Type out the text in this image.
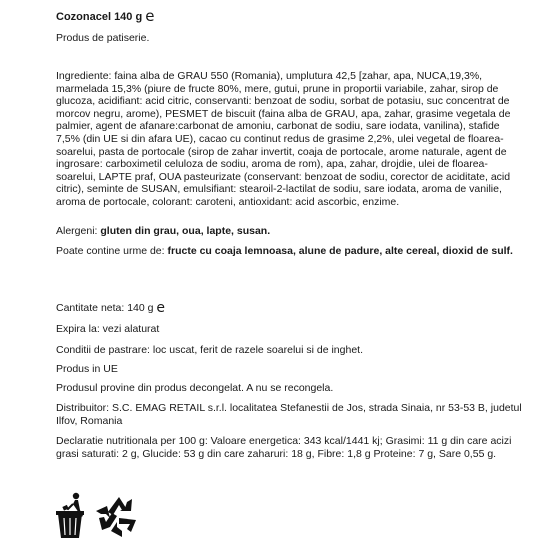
Cozonacel 140 g e

Produs de patiserie.

Ingrediente: faina alba de GRAU 550 (Romania), umplutura 42,5 [zahar, apa, NUCA,19,3%, marmelada 15,3% (piure de fructe 80%, mere, gutui, prune in proportii variabile, zahar, sirop de glucoza, acidifiant: acid citric, conservanti: benzoat de sodiu, sorbat de potasiu, suc concentrat de morcov negru, arome), PESMET de biscuit (faina alba de GRAU, apa, zahar, grasime vegetala de palmier, agent de afanare:carbonat de amoniu, carbonat de sodiu, sare iodata, vanilina), stafide 7,5% (din UE si din afara UE), cacao cu continut redus de grasime 2,2%, ulei vegetal de floarea-soarelui, pasta de portocale (sirop de zahar invertit, coaja de portocale, arome naturale, agent de ingrosare: carboximetil celuloza de sodiu, aroma de rom), apa, zahar, drojdie, ulei de floarea-soarelui, LAPTE praf, OUA pasteurizate (conservant: benzoat de sodiu, corector de aciditate, acid citric), seminte de SUSAN, emulsifiant: stearoil-2-lactilat de sodiu, sare iodata, aroma de vanilie, aroma de portocale, colorant: caroteni, antioxidant: acid ascorbic, enzime.

Alergeni: gluten din grau, oua, lapte, susan.

Poate contine urme de: fructe cu coaja lemnoasa, alune de padure, alte cereal, dioxid de sulf.

Cantitate neta: 140 g e

Expira la: vezi alaturat

Conditii de pastrare: loc uscat, ferit de razele soarelui si de inghet.

Produs in UE

Produsul provine din produs decongelat. A nu se recongela.

Distribuitor: S.C. EMAG RETAIL s.r.l. localitatea Stefanestii de Jos, strada Sinaia, nr 53-53 B, judetul Ilfov, Romania

Declaratie nutritionala per 100 g: Valoare energetica: 343 kcal/1441 kj; Grasimi: 11 g din care acizi grasi saturati: 2 g, Glucide: 53 g din care zaharuri: 18 g, Fibre: 1,8 g Proteine: 7 g, Sare 0,55 g.
